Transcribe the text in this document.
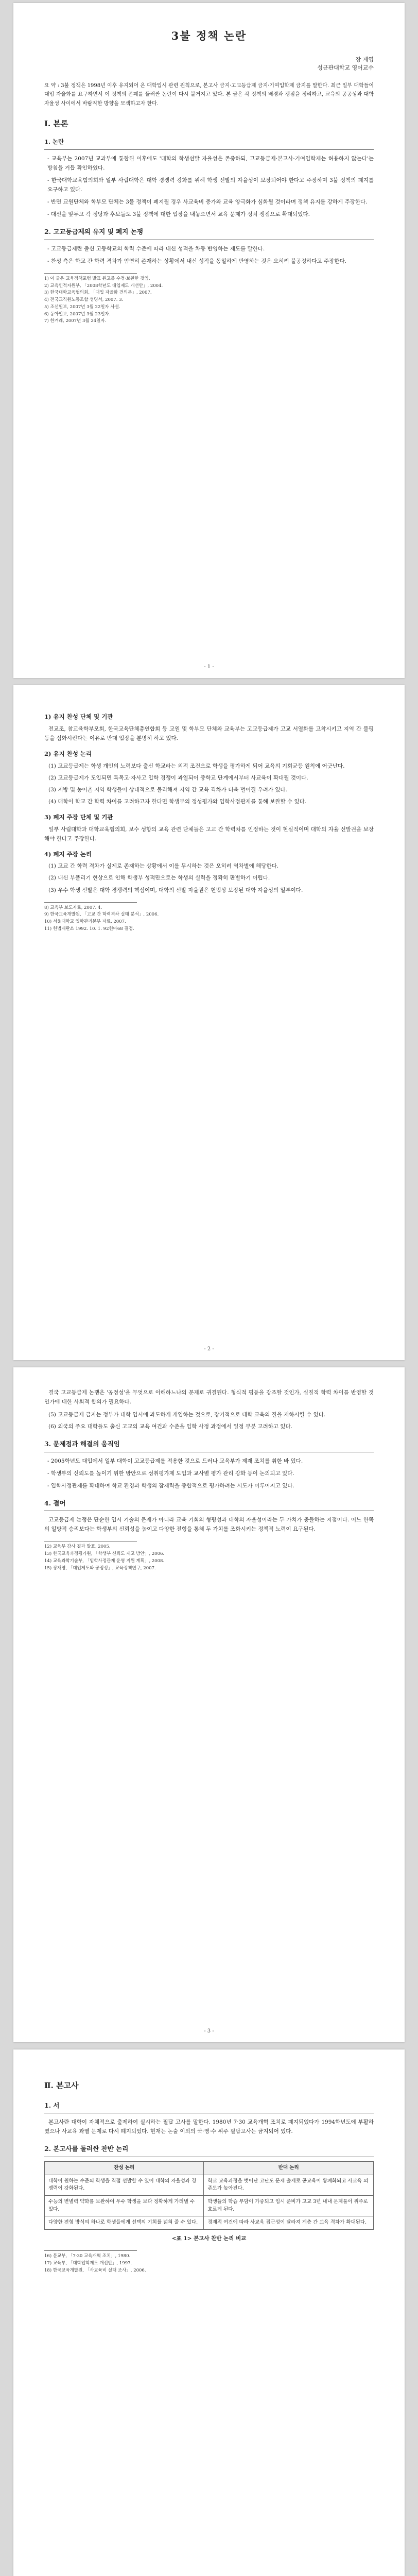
3불 정책 논란
장 재영
성균관대학교 영어교수

요 약 : 3불 정책은 1998년 이후 유지되어 온 대학입시 관련 원칙으로, 본고사 금지·고교등급제 금지·기여입학제 금지를 말한다. 최근 일부 대학들이 대입 자율화를 요구하면서 이 정책의 존폐를 둘러싼 논란이 다시 불거지고 있다. 본 글은 각 정책의 배경과 쟁점을 정리하고, 교육의 공공성과 대학 자율성 사이에서 바람직한 방향을 모색하고자 한다.

Ⅰ. 본론
1. 논란
- 교육부는 2007년 교과부에 통합된 이후에도 '대학의 학생선발 자율성은 존중하되, 고교등급제·본고사·기여입학제는 허용하지 않는다'는 방침을 거듭 확인하였다.
- 한국대학교육협의회와 일부 사립대학은 대학 경쟁력 강화를 위해 학생 선발의 자율성이 보장되어야 한다고 주장하며 3불 정책의 폐지를 요구하고 있다.
- 반면 교원단체와 학부모 단체는 3불 정책이 폐지될 경우 사교육비 증가와 교육 양극화가 심화될 것이라며 정책 유지를 강하게 주장한다.
- 대선을 앞두고 각 정당과 후보들도 3불 정책에 대한 입장을 내놓으면서 교육 문제가 정치 쟁점으로 확대되었다.
2. 고교등급제의 유지 및 폐지 논쟁
- 고교등급제란 출신 고등학교의 학력 수준에 따라 내신 성적을 차등 반영하는 제도를 말한다.
- 찬성 측은 학교 간 학력 격차가 엄연히 존재하는 상황에서 내신 성적을 동일하게 반영하는 것은 오히려 불공정하다고 주장한다.
1) 이 글은 교육정책포럼 발표 원고를 수정·보완한 것임.
2) 교육인적자원부, 「2008학년도 대입제도 개선안」, 2004.
3) 한국대학교육협의회, 「대입 자율화 건의문」, 2007.
4) 전국교직원노동조합 성명서, 2007. 3.
5) 조선일보, 2007년 3월 22일자 사설.
6) 동아일보, 2007년 3월 23일자.
7) 한겨레, 2007년 3월 24일자.
- 1 -
1) 유지 찬성 단체 및 기관

전교조, 참교육학부모회, 한국교육단체총연합회 등 교원 및 학부모 단체와 교육부는 고교등급제가 고교 서열화를 고착시키고 지역 간 불평등을 심화시킨다는 이유로 반대 입장을 분명히 하고 있다.

2) 유지 찬성 논리
(1) 고교등급제는 학생 개인의 노력보다 출신 학교라는 외적 조건으로 학생을 평가하게 되어 교육의 기회균등 원칙에 어긋난다.
(2) 고교등급제가 도입되면 특목고·자사고 입학 경쟁이 과열되어 중학교 단계에서부터 사교육이 확대될 것이다.
(3) 지방 및 농어촌 지역 학생들이 상대적으로 불리해져 지역 간 교육 격차가 더욱 벌어질 우려가 있다.
(4) 대학이 학교 간 학력 차이를 고려하고자 한다면 학생부의 정성평가와 입학사정관제를 통해 보완할 수 있다.
3) 폐지 주장 단체 및 기관

일부 사립대학과 대학교육협의회, 보수 성향의 교육 관련 단체들은 고교 간 학력차를 인정하는 것이 현실적이며 대학의 자율 선발권을 보장해야 한다고 주장한다.

4) 폐지 주장 논리
(1) 고교 간 학력 격차가 실제로 존재하는 상황에서 이를 무시하는 것은 오히려 역차별에 해당한다.
(2) 내신 부풀리기 현상으로 인해 학생부 성적만으로는 학생의 실력을 정확히 판별하기 어렵다.
(3) 우수 학생 선발은 대학 경쟁력의 핵심이며, 대학의 선발 자율권은 헌법상 보장된 대학 자율성의 일부이다.
8) 교육부 보도자료, 2007. 4.
9) 한국교육개발원, 「고교 간 학력격차 실태 분석」, 2006.
10) 서울대학교 입학관리본부 자료, 2007.
11) 헌법재판소 1992. 10. 1. 92헌마68 결정.
- 2 -

결국 고교등급제 논쟁은 '공정성'을 무엇으로 이해하느냐의 문제로 귀결된다. 형식적 평등을 강조할 것인가, 실질적 학력 차이를 반영할 것인가에 대한 사회적 합의가 필요하다.

(5) 고교등급제 금지는 정부가 대학 입시에 과도하게 개입하는 것으로, 장기적으로 대학 교육의 질을 저하시킬 수 있다.
(6) 외국의 주요 대학들도 출신 고교의 교육 여건과 수준을 입학 사정 과정에서 일정 부분 고려하고 있다.
3. 문제점과 해결의 움직임
- 2005학년도 대입에서 일부 대학이 고교등급제를 적용한 것으로 드러나 교육부가 제재 조치를 취한 바 있다.
- 학생부의 신뢰도를 높이기 위한 방안으로 성취평가제 도입과 교사별 평가 관리 강화 등이 논의되고 있다.
- 입학사정관제를 확대하여 학교 환경과 학생의 잠재력을 종합적으로 평가하려는 시도가 이루어지고 있다.
4. 결어

고교등급제 논쟁은 단순한 입시 기술의 문제가 아니라 교육 기회의 형평성과 대학의 자율성이라는 두 가치가 충돌하는 지점이다. 어느 한쪽의 일방적 승리보다는 학생부의 신뢰성을 높이고 다양한 전형을 통해 두 가치를 조화시키는 정책적 노력이 요구된다.

12) 교육부 감사 결과 발표, 2005.
13) 한국교육과정평가원, 「학생부 신뢰도 제고 방안」, 2006.
14) 교육과학기술부, 「입학사정관제 운영 지원 계획」, 2008.
15) 장재영, 「대입제도와 공정성」, 교육정책연구, 2007.
- 3 -
Ⅱ. 본고사
1. 서

본고사란 대학이 자체적으로 출제하여 실시하는 필답 고사를 말한다. 1980년 7·30 교육개혁 조치로 폐지되었다가 1994학년도에 부활하였으나 사교육 과열 문제로 다시 폐지되었다. 현재는 논술 이외의 국·영·수 위주 필답고사는 금지되어 있다.

2. 본고사를 둘러싼 찬반 논리
찬성 논리	반대 논리
대학이 원하는 수준의 학생을 직접 선발할 수 있어 대학의 자율성과 경쟁력이 강화된다.	학교 교육과정을 벗어난 고난도 문제 출제로 공교육이 황폐화되고 사교육 의존도가 높아진다.
수능의 변별력 약화를 보완하여 우수 학생을 보다 정확하게 가려낼 수 있다.	학생들의 학습 부담이 가중되고 입시 준비가 고교 3년 내내 문제풀이 위주로 흐르게 된다.
다양한 전형 방식의 하나로 학생들에게 선택의 기회를 넓혀 줄 수 있다.	경제적 여건에 따라 사교육 접근성이 달라져 계층 간 교육 격차가 확대된다.
<표 1> 본고사 찬반 논리 비교
16) 문교부, 「7·30 교육개혁 조치」, 1980.
17) 교육부, 「대학입학제도 개선안」, 1997.
18) 한국교육개발원, 「사교육비 실태 조사」, 2006.
